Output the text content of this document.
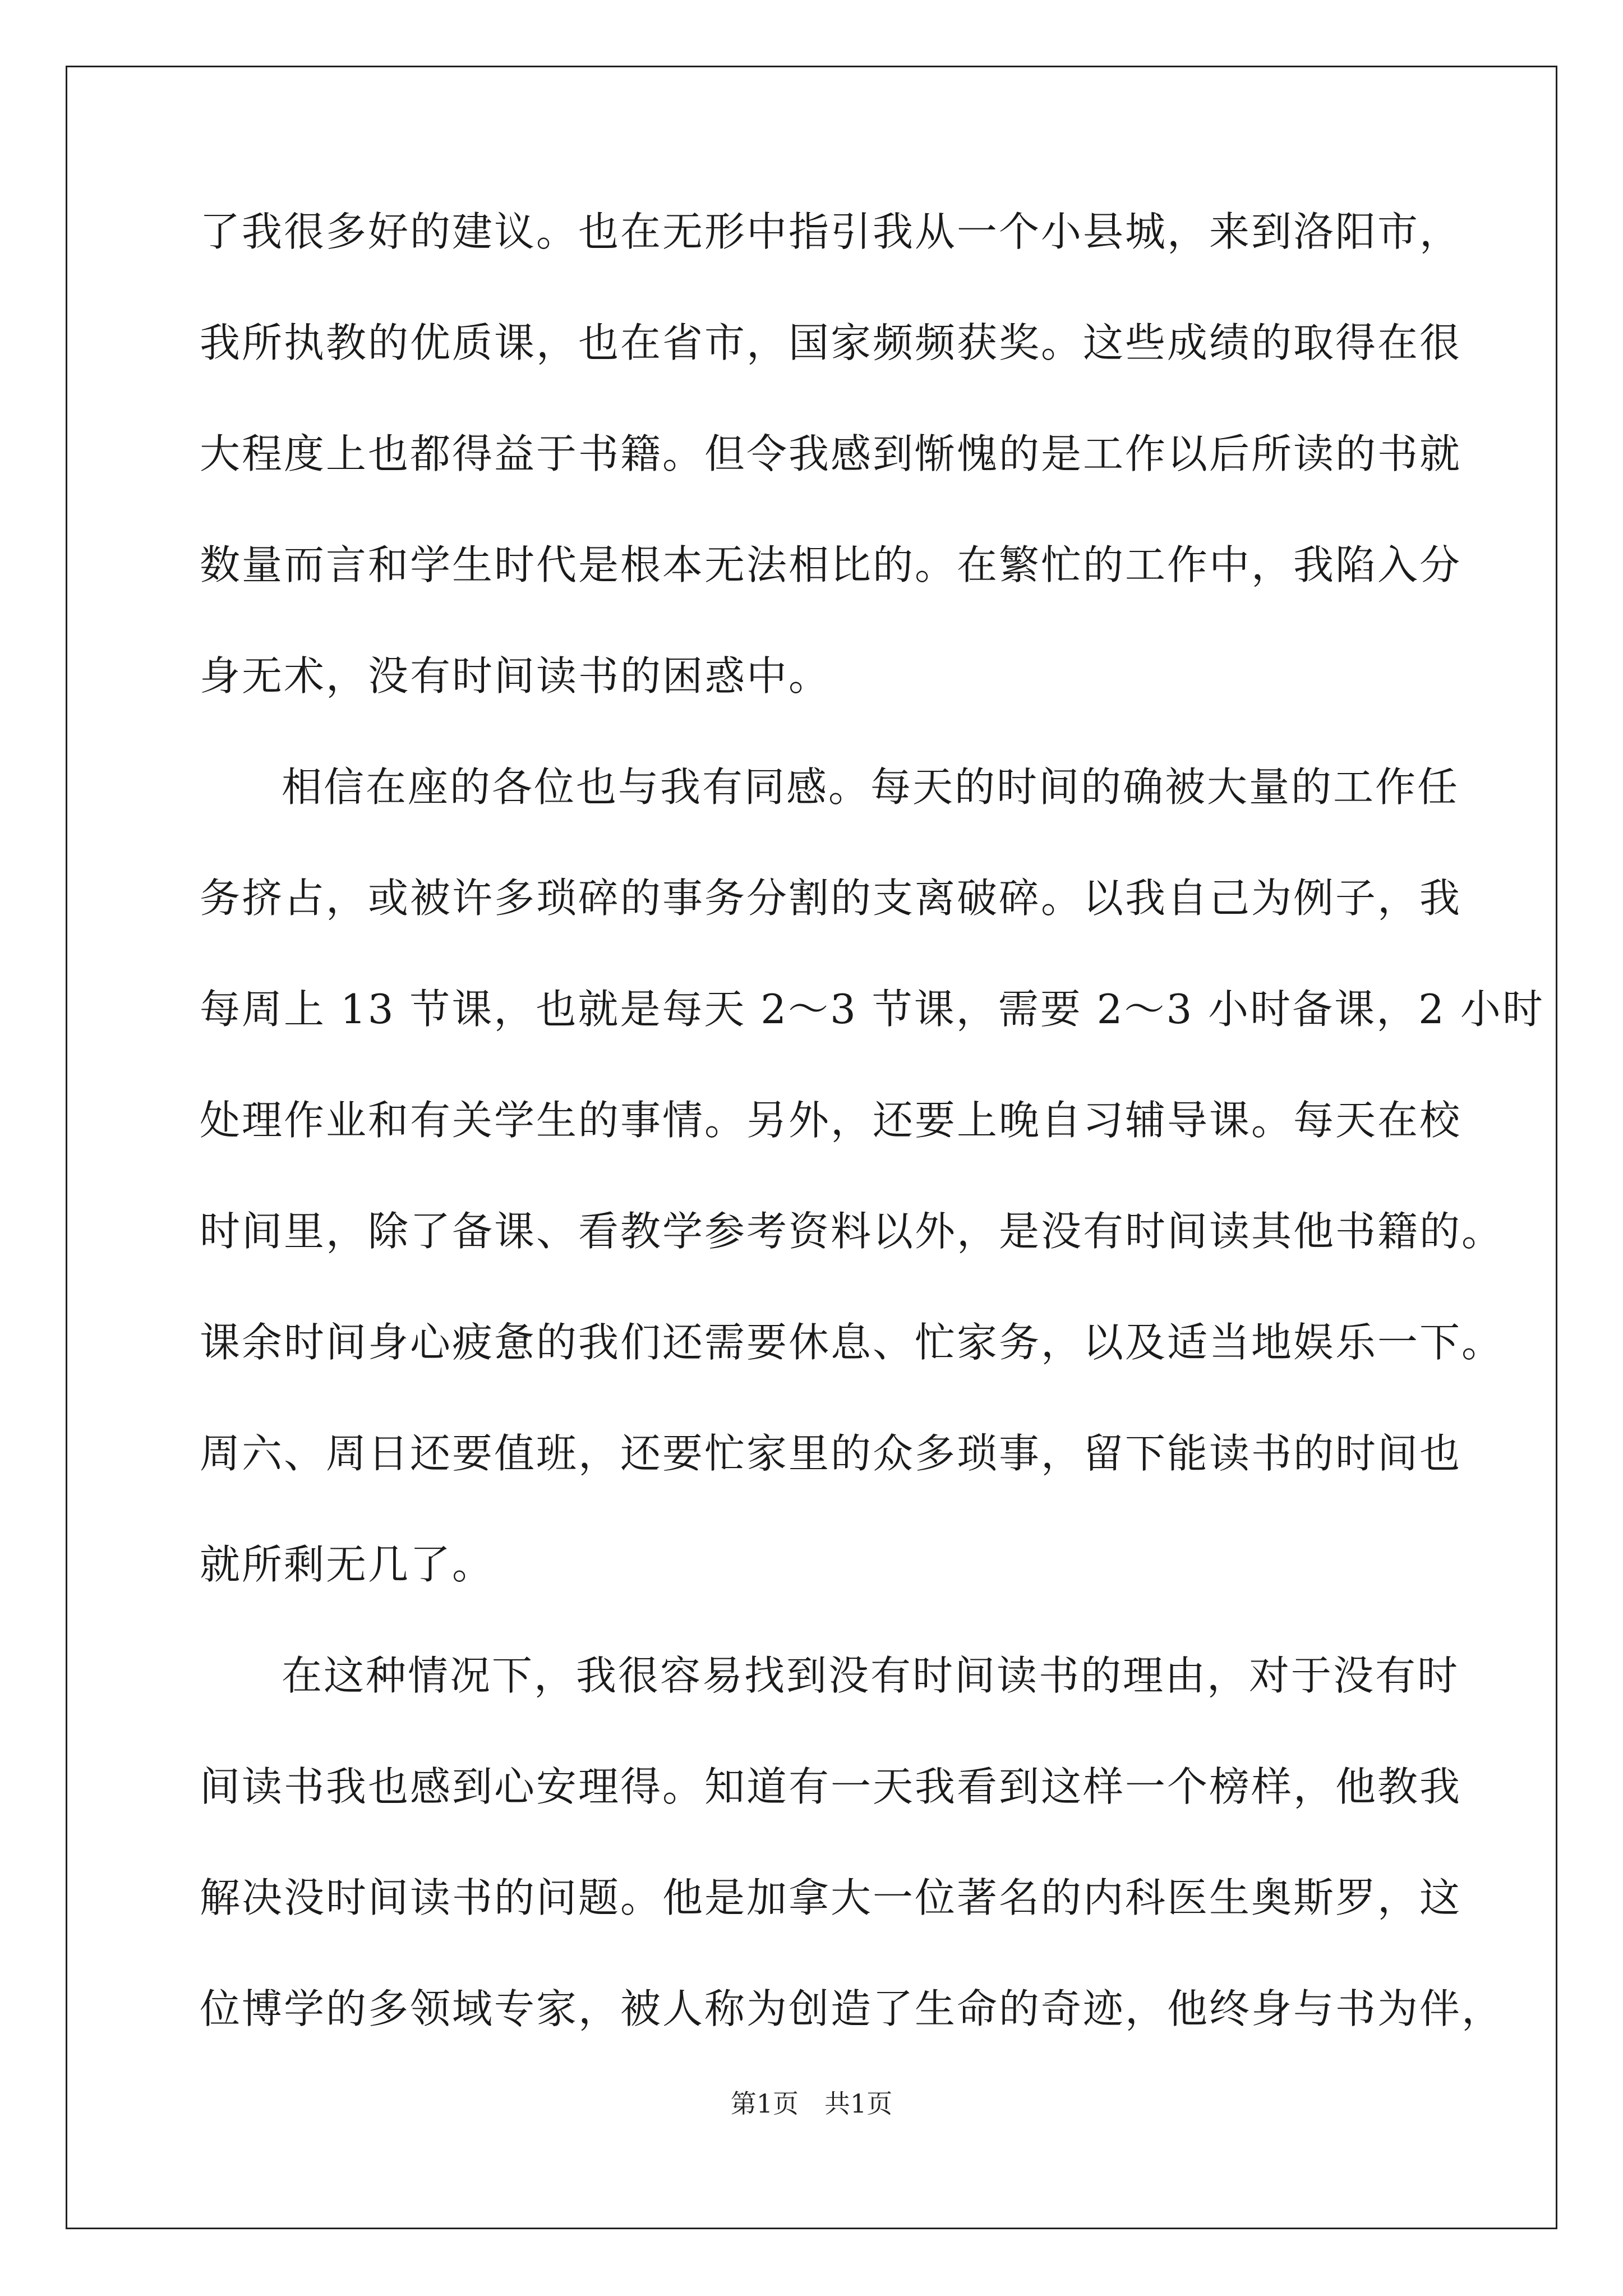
了我很多好的建议。也在无形中指引我从一个小县城，来到洛阳市，
我所执教的优质课，也在省市，国家频频获奖。这些成绩的取得在很
大程度上也都得益于书籍。但令我感到惭愧的是工作以后所读的书就
数量而言和学生时代是根本无法相比的。在繁忙的工作中，我陷入分
身无术，没有时间读书的困惑中。
相信在座的各位也与我有同感。每天的时间的确被大量的工作任
务挤占，或被许多琐碎的事务分割的支离破碎。以我自己为例子，我
每周上 13 节课，也就是每天 2～3 节课，需要 2～3 小时备课，2 小时
处理作业和有关学生的事情。另外，还要上晚自习辅导课。每天在校
时间里，除了备课、看教学参考资料以外，是没有时间读其他书籍的。
课余时间身心疲惫的我们还需要休息、忙家务，以及适当地娱乐一下。
周六、周日还要值班，还要忙家里的众多琐事，留下能读书的时间也
就所剩无几了。
在这种情况下，我很容易找到没有时间读书的理由，对于没有时
间读书我也感到心安理得。知道有一天我看到这样一个榜样，他教我
解决没时间读书的问题。他是加拿大一位著名的内科医生奥斯罗，这
位博学的多领域专家，被人称为创造了生命的奇迹，他终身与书为伴，
第1页　共1页
